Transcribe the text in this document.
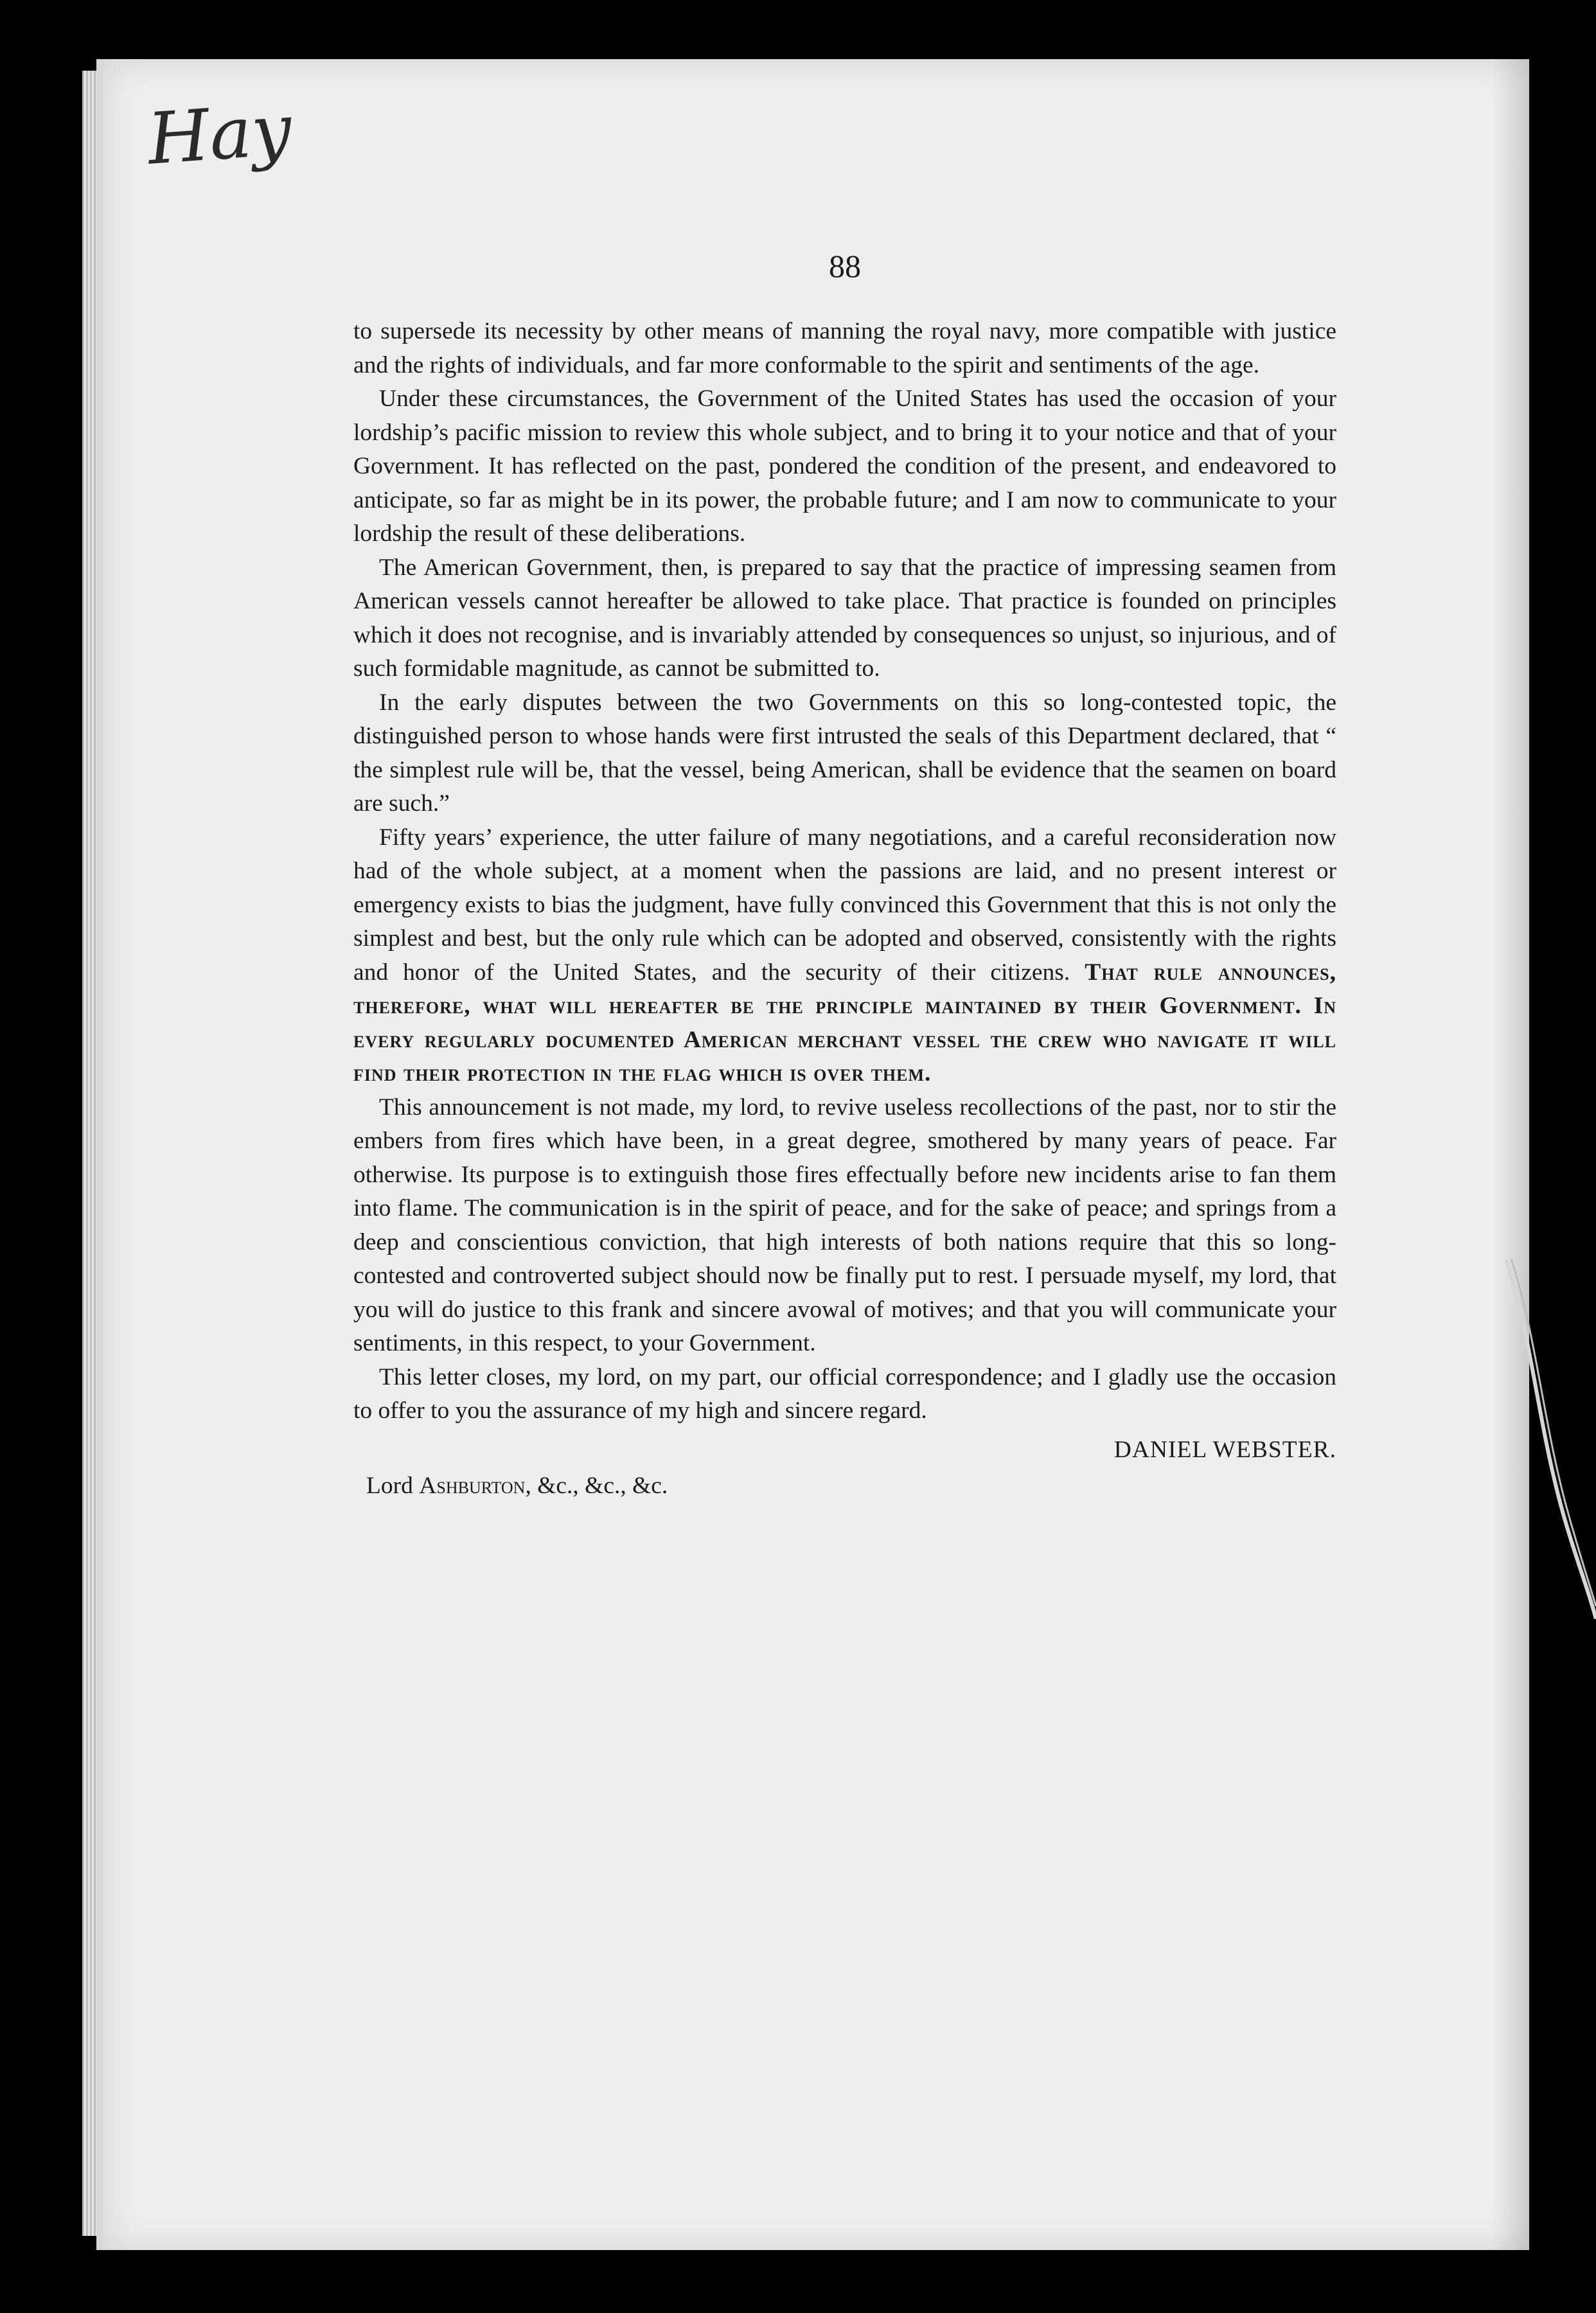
Hay
88

to supersede its necessity by other means of manning the royal navy, more compatible with justice and the rights of individuals, and far more conformable to the spirit and sentiments of the age.

Under these circumstances, the Government of the United States has used the occasion of your lordship’s pacific mission to review this whole subject, and to bring it to your notice and that of your Government. It has reflected on the past, pondered the condition of the present, and endeavored to anticipate, so far as might be in its power, the probable future; and I am now to communicate to your lordship the result of these deliberations.

The American Government, then, is prepared to say that the practice of impressing seamen from American vessels cannot hereafter be allowed to take place. That practice is founded on principles which it does not recognise, and is invariably attended by consequences so unjust, so injurious, and of such formidable magnitude, as cannot be submitted to.

In the early disputes between the two Governments on this so long-contested topic, the distinguished person to whose hands were first intrusted the seals of this Department declared, that “ the simplest rule will be, that the vessel, being American, shall be evidence that the seamen on board are such.”

Fifty years’ experience, the utter failure of many negotiations, and a careful reconsideration now had of the whole subject, at a moment when the passions are laid, and no present interest or emergency exists to bias the judgment, have fully convinced this Government that this is not only the simplest and best, but the only rule which can be adopted and observed, consistently with the rights and honor of the United States, and the security of their citizens. That rule announces, therefore, what will hereafter be the principle maintained by their Government. In every regularly documented American merchant vessel the crew who navigate it will find their protection in the flag which is over them.

This announcement is not made, my lord, to revive useless recollections of the past, nor to stir the embers from fires which have been, in a great degree, smothered by many years of peace. Far otherwise. Its purpose is to extinguish those fires effectually before new incidents arise to fan them into flame. The communication is in the spirit of peace, and for the sake of peace; and springs from a deep and conscientious conviction, that high interests of both nations require that this so long-contested and controverted subject should now be finally put to rest. I persuade myself, my lord, that you will do justice to this frank and sincere avowal of motives; and that you will communicate your sentiments, in this respect, to your Government.

This letter closes, my lord, on my part, our official correspondence; and I gladly use the occasion to offer to you the assurance of my high and sincere regard.

DANIEL WEBSTER.

Lord Ashburton, &c., &c., &c.
